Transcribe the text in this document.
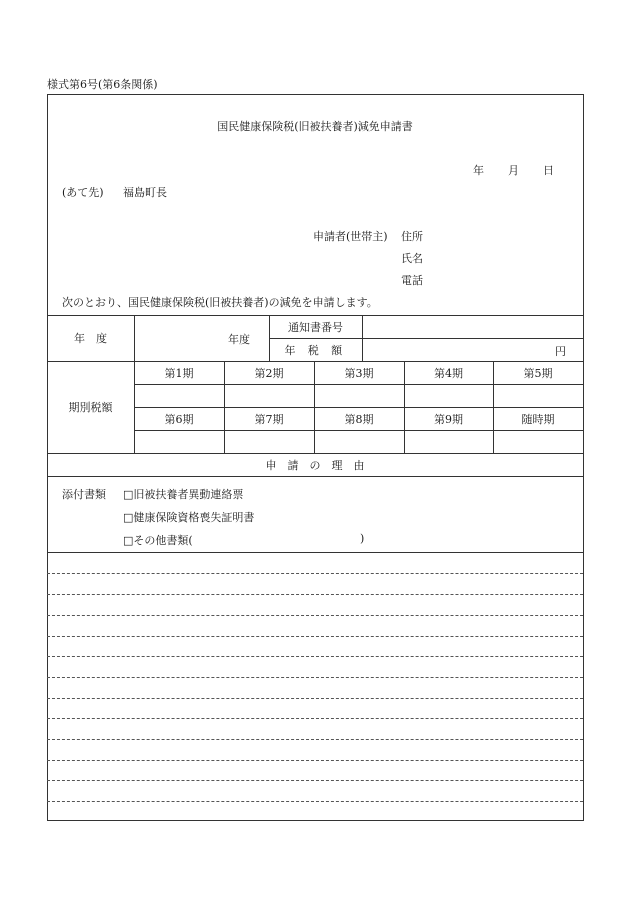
様式第6号(第6条関係)
国民健康保険税(旧被扶養者)減免申請書
年 月 日
(あて先) 福島町長
申請者(世帯主) 住所
氏名
電話
次のとおり、国民健康保険税(旧被扶養者)の減免を申請します。
年　度	年度
通知書番号
年 税 額	円
期別税額
第1期	第2期	第3期	第4期	第5期
第6期	第7期	第8期	第9期	随時期
申　請　の　理　由
添付書類 □旧被扶養者異動連絡票
□健康保険資格喪失証明書
□その他書類(	)
